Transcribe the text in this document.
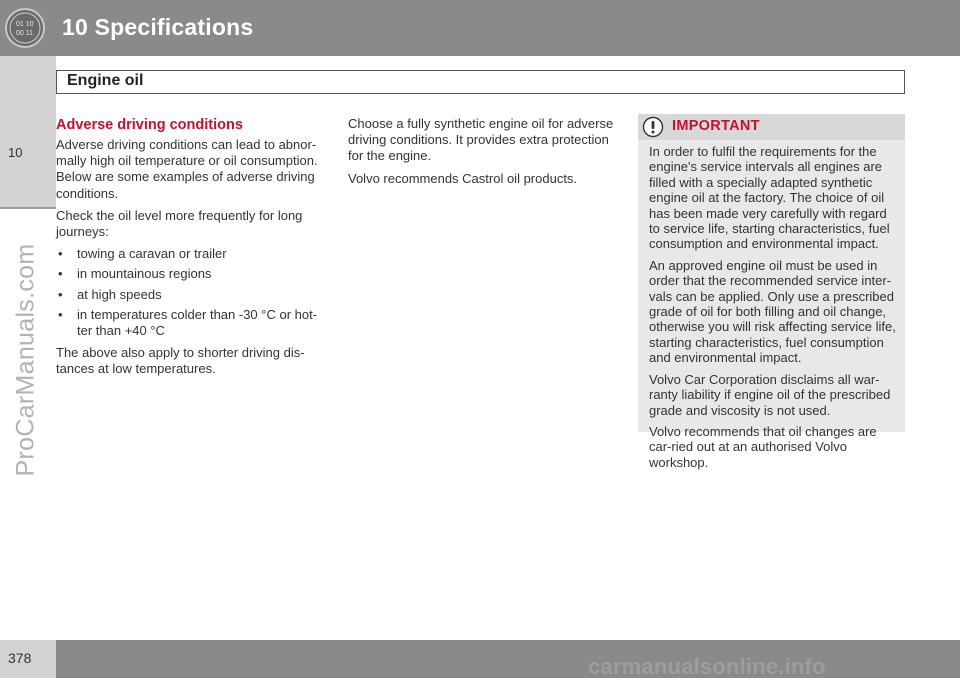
01 10
00 11 10 Specifications
10
ProCarManuals.com
Engine oil
Adverse driving conditions

Adverse driving conditions can lead to abnor-mally high oil temperature or oil consumption. Below are some examples of adverse driving conditions.

Check the oil level more frequently for long journeys:

• towing a caravan or trailer
• in mountainous regions
• at high speeds
• in temperatures colder than -30 °C or hot-ter than +40 °C

The above also apply to shorter driving dis-tances at low temperatures.

Choose a fully synthetic engine oil for adverse driving conditions. It provides extra protection for the engine.

Volvo recommends Castrol oil products.

IMPORTANT

In order to fulfil the requirements for the engine's service intervals all engines are filled with a specially adapted synthetic engine oil at the factory. The choice of oil has been made very carefully with regard to service life, starting characteristics, fuel consumption and environmental impact.

An approved engine oil must be used in order that the recommended service inter-vals can be applied. Only use a prescribed grade of oil for both filling and oil change, otherwise you will risk affecting service life, starting characteristics, fuel consumption and environmental impact.

Volvo Car Corporation disclaims all war-ranty liability if engine oil of the prescribed grade and viscosity is not used.

Volvo recommends that oil changes are car-ried out at an authorised Volvo workshop.

378	carmanualsonline.info
